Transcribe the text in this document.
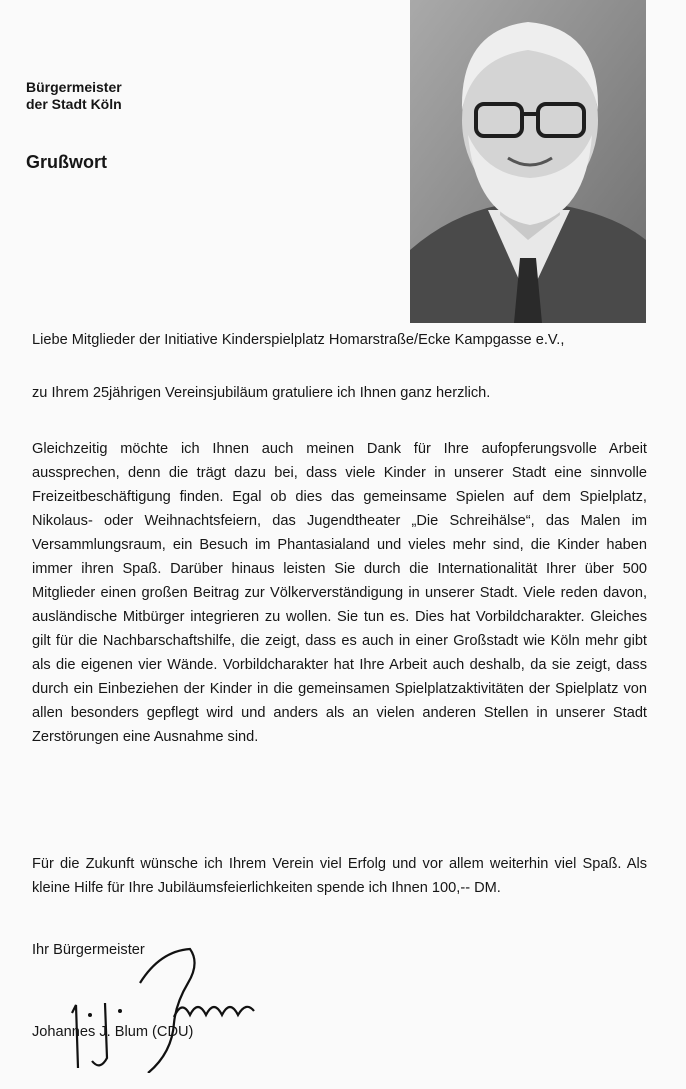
Bürgermeister
der Stadt Köln
Grußwort

Liebe Mitglieder der Initiative Kinderspielplatz Homarstraße/Ecke Kampgasse e.V.,

zu Ihrem 25jährigen Vereinsjubiläum gratuliere ich Ihnen ganz herzlich.

Gleichzeitig möchte ich Ihnen auch meinen Dank für Ihre aufopferungsvolle Arbeit aussprechen, denn die trägt dazu bei, dass viele Kinder in unserer Stadt eine sinnvolle Freizeitbeschäftigung finden. Egal ob dies das gemeinsame Spielen auf dem Spielplatz, Nikolaus- oder Weihnachtsfeiern, das Jugendtheater „Die Schreihälse“, das Malen im Versammlungsraum, ein Besuch im Phantasialand und vieles mehr sind, die Kinder haben immer ihren Spaß. Darüber hinaus leisten Sie durch die Internationalität Ihrer über 500 Mitglieder einen großen Beitrag zur Völkerverständigung in unserer Stadt. Viele reden davon, ausländische Mitbürger integrieren zu wollen. Sie tun es. Dies hat Vorbildcharakter. Gleiches gilt für die Nachbarschaftshilfe, die zeigt, dass es auch in einer Großstadt wie Köln mehr gibt als die eigenen vier Wände. Vorbildcharakter hat Ihre Arbeit auch deshalb, da sie zeigt, dass durch ein Einbeziehen der Kinder in die gemeinsamen Spielplatzaktivitäten der Spielplatz von allen besonders gepflegt wird und anders als an vielen anderen Stellen in unserer Stadt Zerstörungen eine Ausnahme sind.

Für die Zukunft wünsche ich Ihrem Verein viel Erfolg und vor allem weiterhin viel Spaß. Als kleine Hilfe für Ihre Jubiläumsfeierlichkeiten spende ich Ihnen 100,-- DM.

Ihr Bürgermeister
Johannes J. Blum (CDU)
